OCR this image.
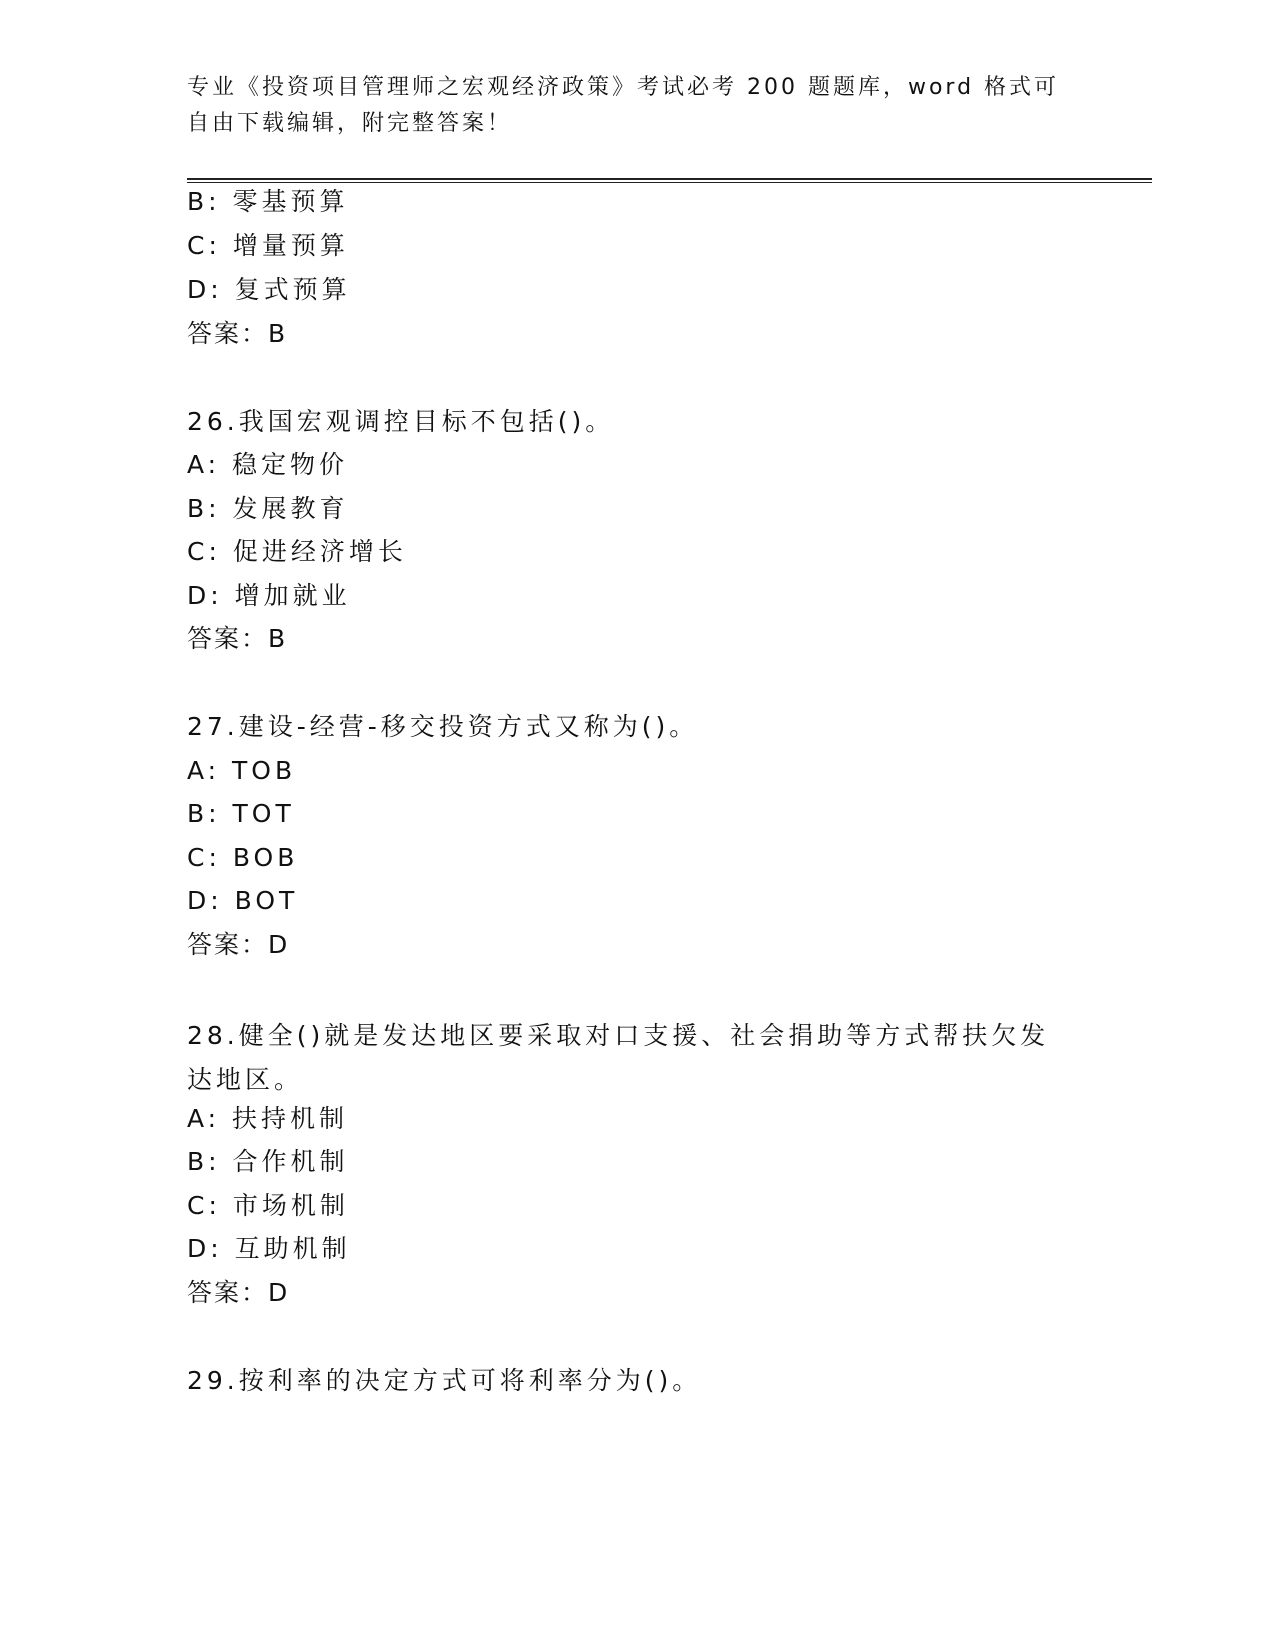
专业《投资项目管理师之宏观经济政策》考试必考 200 题题库，word 格式可自由下载编辑，附完整答案！
B: 零基预算
C: 增量预算
D: 复式预算
答案：B
26.我国宏观调控目标不包括()。
A: 稳定物价
B: 发展教育
C: 促进经济增长
D: 增加就业
答案：B
27.建设-经营-移交投资方式又称为()。
A: TOB
B: TOT
C: BOB
D: BOT
答案：D
28.健全()就是发达地区要采取对口支援、社会捐助等方式帮扶欠发达地区。
A: 扶持机制
B: 合作机制
C: 市场机制
D: 互助机制
答案：D
29.按利率的决定方式可将利率分为()。
